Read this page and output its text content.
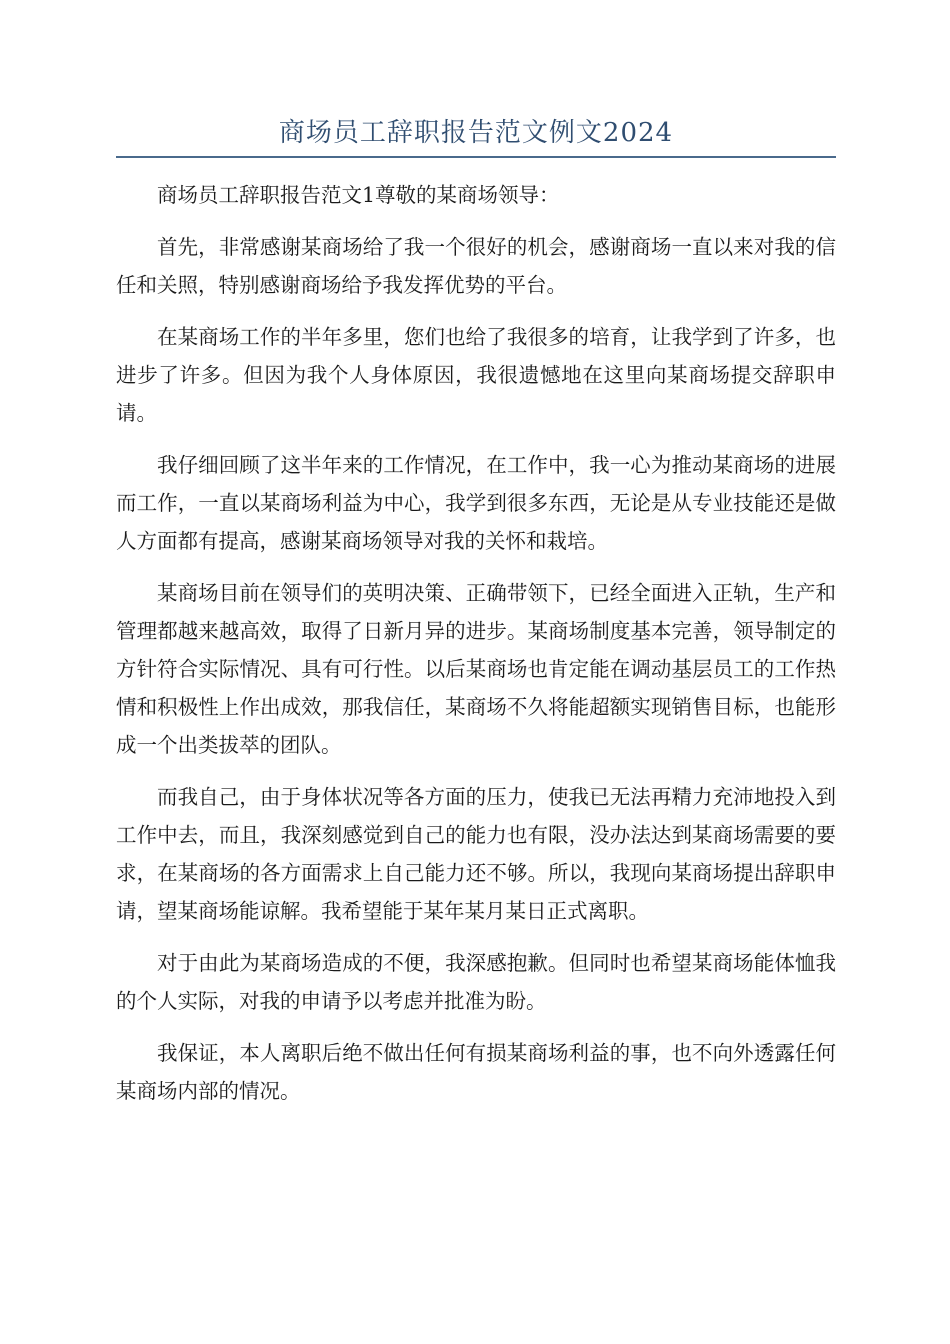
商场员工辞职报告范文例文2024

商场员工辞职报告范文1尊敬的某商场领导：

首先，非常感谢某商场给了我一个很好的机会，感谢商场一直以来对我的信任和关照，特别感谢商场给予我发挥优势的平台。

在某商场工作的半年多里，您们也给了我很多的培育，让我学到了许多，也进步了许多。但因为我个人身体原因，我很遗憾地在这里向某商场提交辞职申请。

我仔细回顾了这半年来的工作情况，在工作中，我一心为推动某商场的进展而工作，一直以某商场利益为中心，我学到很多东西，无论是从专业技能还是做人方面都有提高，感谢某商场领导对我的关怀和栽培。

某商场目前在领导们的英明决策、正确带领下，已经全面进入正轨，生产和管理都越来越高效，取得了日新月异的进步。某商场制度基本完善，领导制定的方针符合实际情况、具有可行性。以后某商场也肯定能在调动基层员工的工作热情和积极性上作出成效，那我信任，某商场不久将能超额实现销售目标，也能形成一个出类拔萃的团队。

而我自己，由于身体状况等各方面的压力，使我已无法再精力充沛地投入到工作中去，而且，我深刻感觉到自己的能力也有限，没办法达到某商场需要的要求，在某商场的各方面需求上自己能力还不够。所以，我现向某商场提出辞职申请，望某商场能谅解。我希望能于某年某月某日正式离职。

对于由此为某商场造成的不便，我深感抱歉。但同时也希望某商场能体恤我的个人实际，对我的申请予以考虑并批准为盼。

我保证，本人离职后绝不做出任何有损某商场利益的事，也不向外透露任何某商场内部的情况。
